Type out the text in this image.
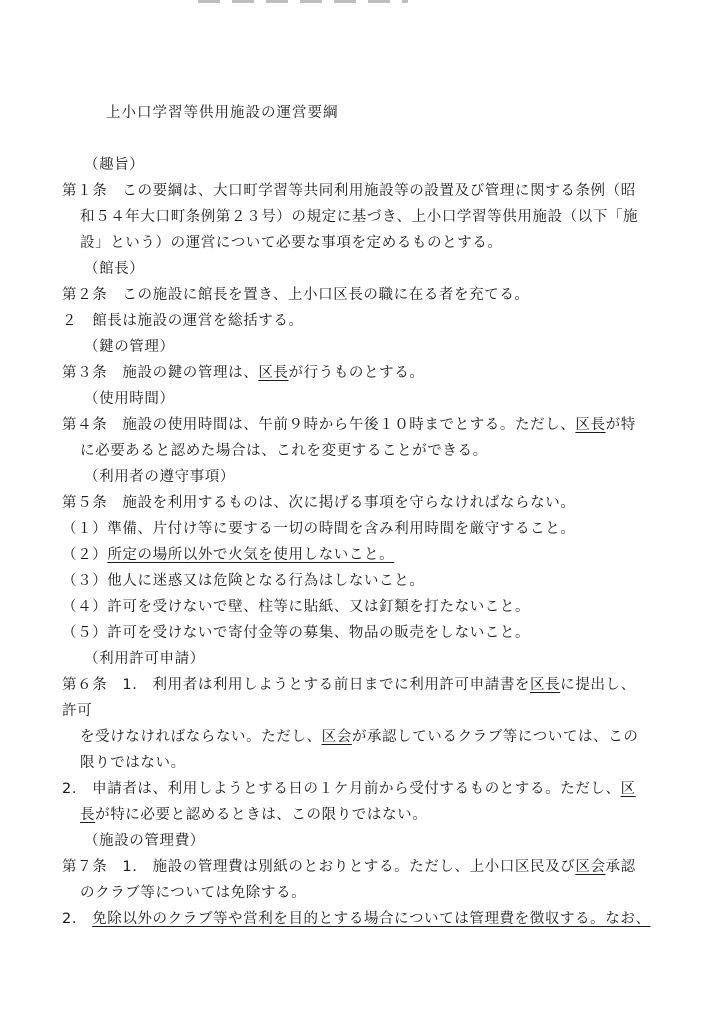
上小口学習等供用施設の運営要綱
（趣旨）
第１条　この要綱は、大口町学習等共同利用施設等の設置及び管理に関する条例（昭
和５４年大口町条例第２３号）の規定に基づき、上小口学習等供用施設（以下「施
設」という）の運営について必要な事項を定めるものとする。
（館長）
第２条　この施設に館長を置き、上小口区長の職に在る者を充てる。
２　館長は施設の運営を総括する。
（鍵の管理）
第３条　施設の鍵の管理は、区長が行うものとする。
（使用時間）
第４条　施設の使用時間は、午前９時から午後１０時までとする。ただし、区長が特
に必要あると認めた場合は、これを変更することができる。
（利用者の遵守事項）
第５条　施設を利用するものは、次に掲げる事項を守らなければならない。
（１）準備、片付け等に要する一切の時間を含み利用時間を厳守すること。
（２）所定の場所以外で火気を使用しないこと。
（３）他人に迷惑又は危険となる行為はしないこと。
（４）許可を受けないで壁、柱等に貼紙、又は釘類を打たないこと。
（５）許可を受けないで寄付金等の募集、物品の販売をしないこと。
（利用許可申請）
第６条　1.　利用者は利用しようとする前日までに利用許可申請書を区長に提出し、
許可
を受けなければならない。ただし、区会が承認しているクラブ等については、この
限りではない。
2.　申請者は、利用しようとする日の１ケ月前から受付するものとする。ただし、区
長が特に必要と認めるときは、この限りではない。
（施設の管理費）
第７条　1.　施設の管理費は別紙のとおりとする。ただし、上小口区民及び区会承認
のクラブ等については免除する。
2.　免除以外のクラブ等や営利を目的とする場合については管理費を徴収する。なお、
